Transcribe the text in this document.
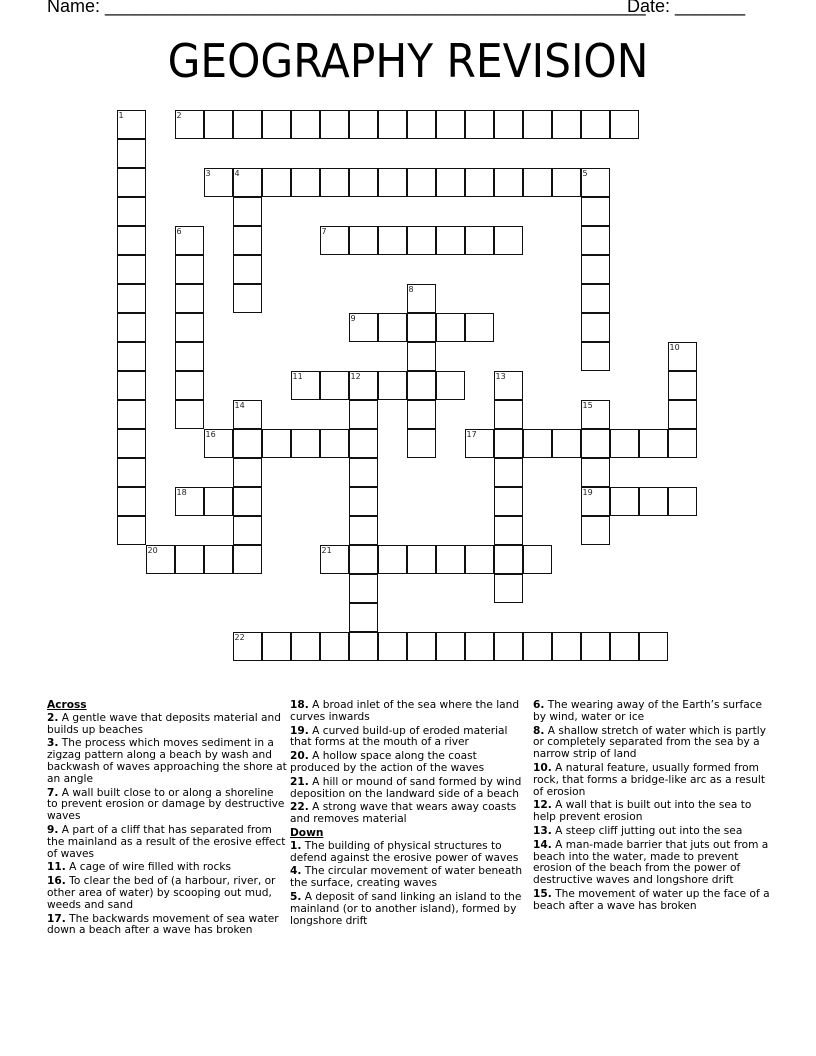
Name: ______________________________________________________
Date: _______
GEOGRAPHY REVISION
1	2
3	4	5
6	7
8
9
10
11	12	13
14	15
19
16	17
18
20	21
22
Across
2. A gentle wave that deposits material and builds up beaches
3. The process which moves sediment in a zigzag pattern along a beach by wash and backwash of waves approaching the shore at an angle
7. A wall built close to or along a shoreline to prevent erosion or damage by destructive waves
9. A part of a cliff that has separated from the mainland as a result of the erosive effect of waves
11. A cage of wire filled with rocks
16. To clear the bed of (a harbour, river, or other area of water) by scooping out mud, weeds and sand
17. The backwards movement of sea water down a beach after a wave has broken
18. A broad inlet of the sea where the land curves inwards
19. A curved build-up of eroded material that forms at the mouth of a river
20. A hollow space along the coast produced by the action of the waves
21. A hill or mound of sand formed by wind deposition on the landward side of a beach
22. A strong wave that wears away coasts and removes material
Down
1. The building of physical structures to defend against the erosive power of waves
4. The circular movement of water beneath the surface, creating waves
5. A deposit of sand linking an island to the mainland (or to another island), formed by longshore drift
6. The wearing away of the Earth’s surface by wind, water or ice
8. A shallow stretch of water which is partly or completely separated from the sea by a narrow strip of land
10. A natural feature, usually formed from rock, that forms a bridge-like arc as a result of erosion
12. A wall that is built out into the sea to help prevent erosion
13. A steep cliff jutting out into the sea
14. A man-made barrier that juts out from a beach into the water, made to prevent erosion of the beach from the power of destructive waves and longshore drift
15. The movement of water up the face of a beach after a wave has broken
